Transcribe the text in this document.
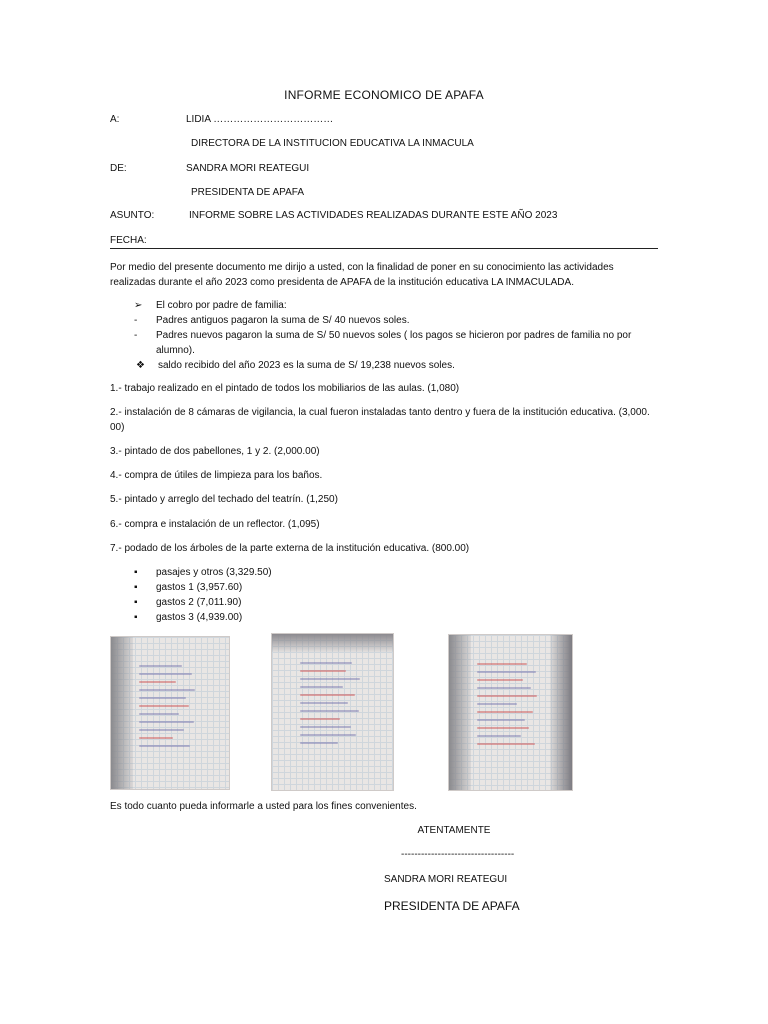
INFORME ECONOMICO DE APAFA
A:	LIDIA ………………………………
DIRECTORA DE LA INSTITUCION EDUCATIVA LA INMACULA
DE:	SANDRA MORI REATEGUI
PRESIDENTA DE APAFA
ASUNTO:	INFORME SOBRE LAS ACTIVIDADES REALIZADAS DURANTE ESTE AÑO 2023
FECHA:
Por medio del presente documento me dirijo a usted, con la finalidad de poner en su conocimiento las actividades realizadas durante el año 2023 como presidenta de APAFA de la institución educativa LA INMACULADA.
➢ El cobro por padre de familia:
- Padres antiguos pagaron la suma de S/ 40 nuevos soles.
- Padres nuevos pagaron la suma de S/ 50 nuevos soles ( los pagos se hicieron por padres de familia no por alumno).
❖ saldo recibido del año 2023 es la suma de S/ 19,238 nuevos soles.
1.- trabajo realizado en el pintado de todos los mobiliarios de las aulas. (1,080)
2.- instalación de 8 cámaras de vigilancia, la cual fueron instaladas tanto dentro y fuera de la institución educativa. (3,000. 00)
3.- pintado de dos pabellones, 1 y 2. (2,000.00)
4.- compra de útiles de limpieza para los baños.
5.- pintado y arreglo del techado del teatrín. (1,250)
6.- compra e instalación de un reflector. (1,095)
7.- podado de los árboles de la parte externa de la institución educativa. (800.00)
▪ pasajes y otros (3,329.50)
▪ gastos 1 (3,957.60)
▪ gastos 2 (7,011.90)
▪ gastos 3 (4,939.00)
Es todo cuanto pueda informarle a usted para los fines convenientes.
ATENTAMENTE
----------------------------------
SANDRA MORI REATEGUI
PRESIDENTA DE APAFA
